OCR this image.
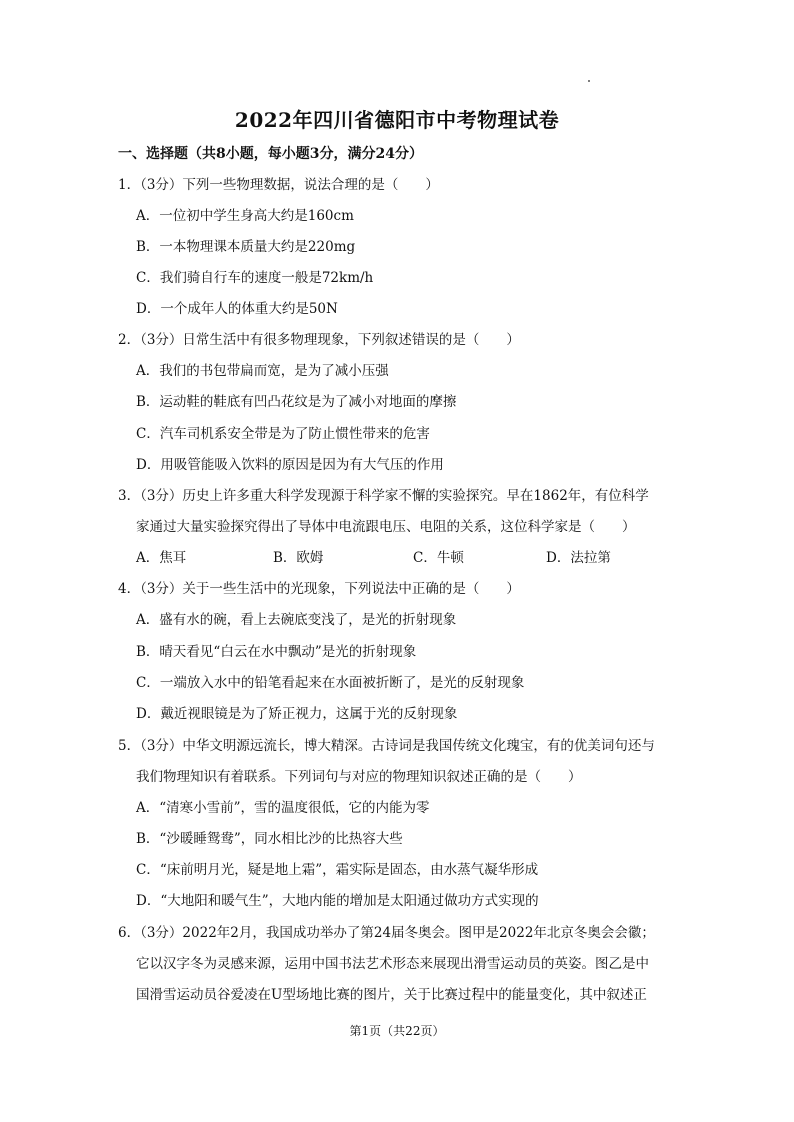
2022年四川省德阳市中考物理试卷
一、选择题（共8小题，每小题3分，满分24分）
1．（3分）下列一些物理数据，说法合理的是（　　）
A．一位初中学生身高大约是160cm
B．一本物理课本质量大约是220mg
C．我们骑自行车的速度一般是72km/h
D．一个成年人的体重大约是50N
2．（3分）日常生活中有很多物理现象，下列叙述错误的是（　　）
A．我们的书包带扁而宽，是为了减小压强
B．运动鞋的鞋底有凹凸花纹是为了减小对地面的摩擦
C．汽车司机系安全带是为了防止惯性带来的危害
D．用吸管能吸入饮料的原因是因为有大气压的作用
3．（3分）历史上许多重大科学发现源于科学家不懈的实验探究。早在1862年，有位科学
家通过大量实验探究得出了导体中电流跟电压、电阻的关系，这位科学家是（　　）
A．焦耳	B．欧姆	C．牛顿	D．法拉第
4．（3分）关于一些生活中的光现象，下列说法中正确的是（　　）
A．盛有水的碗，看上去碗底变浅了，是光的折射现象
B．晴天看见“白云在水中飘动”是光的折射现象
C．一端放入水中的铅笔看起来在水面被折断了，是光的反射现象
D．戴近视眼镜是为了矫正视力，这属于光的反射现象
5．（3分）中华文明源远流长，博大精深。古诗词是我国传统文化瑰宝，有的优美词句还与
我们物理知识有着联系。下列词句与对应的物理知识叙述正确的是（　　）
A．“清寒小雪前”，雪的温度很低，它的内能为零
B．“沙暖睡鸳鸯”，同水相比沙的比热容大些
C．“床前明月光，疑是地上霜”，霜实际是固态，由水蒸气凝华形成
D．“大地阳和暖气生”，大地内能的增加是太阳通过做功方式实现的
6．（3分）2022年2月，我国成功举办了第24届冬奥会。图甲是2022年北京冬奥会会徽；
它以汉字冬为灵感来源，运用中国书法艺术形态来展现出滑雪运动员的英姿。图乙是中
国滑雪运动员谷爱凌在U型场地比赛的图片，关于比赛过程中的能量变化，其中叙述正
第1页（共22页）
